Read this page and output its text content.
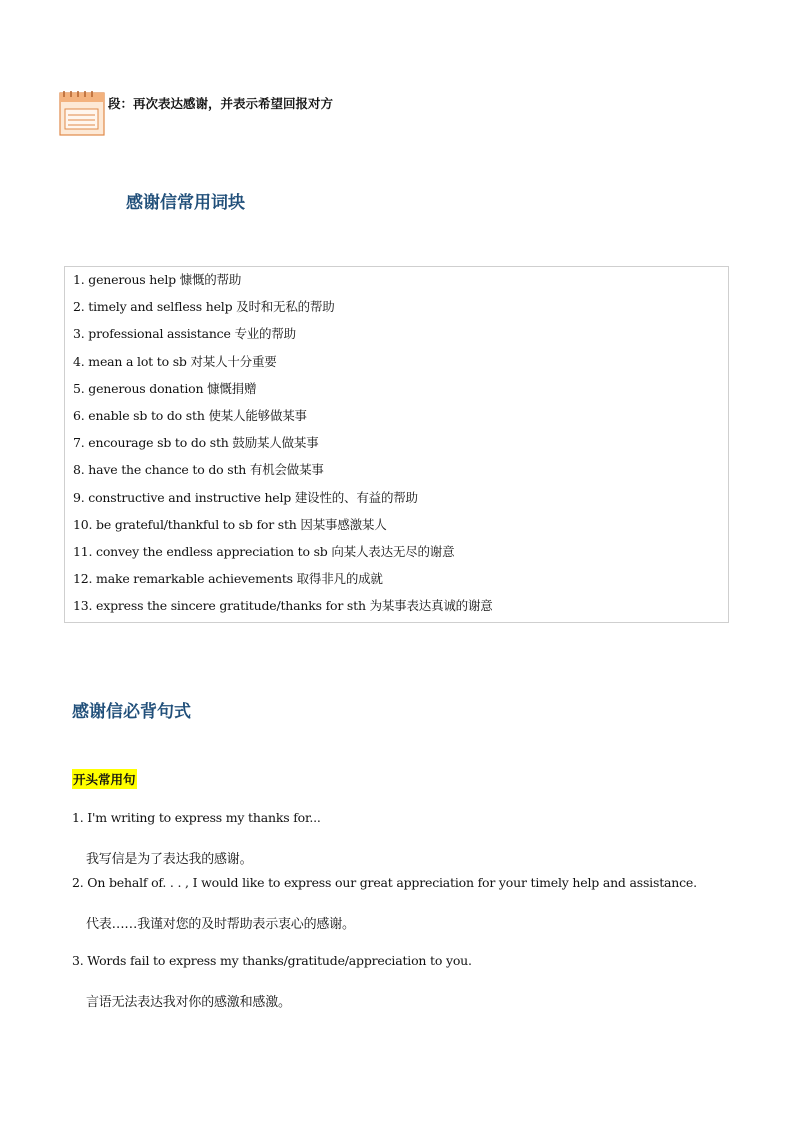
段：再次表达感谢，并表示希望回报对方
感谢信常用词块
1. generous help 慷慨的帮助
2. timely and selfless help 及时和无私的帮助
3. professional assistance 专业的帮助
4. mean a lot to sb 对某人十分重要
5. generous donation 慷慨捐赠
6. enable sb to do sth 使某人能够做某事
7. encourage sb to do sth 鼓励某人做某事
8. have the chance to do sth 有机会做某事
9. constructive and instructive help 建设性的、有益的帮助
10. be grateful/thankful to sb for sth 因某事感激某人
11. convey the endless appreciation to sb 向某人表达无尽的谢意
12. make remarkable achievements 取得非凡的成就
13. express the sincere gratitude/thanks for sth 为某事表达真诚的谢意
感谢信必背句式
开头常用句
1. I'm writing to express my thanks for...
我写信是为了表达我的感谢。
2. On behalf of. . . , I would like to express our great appreciation for your timely help and assistance.
代表……我谨对您的及时帮助表示衷心的感谢。
3. Words fail to express my thanks/gratitude/appreciation to you.
言语无法表达我对你的感激和感激。
